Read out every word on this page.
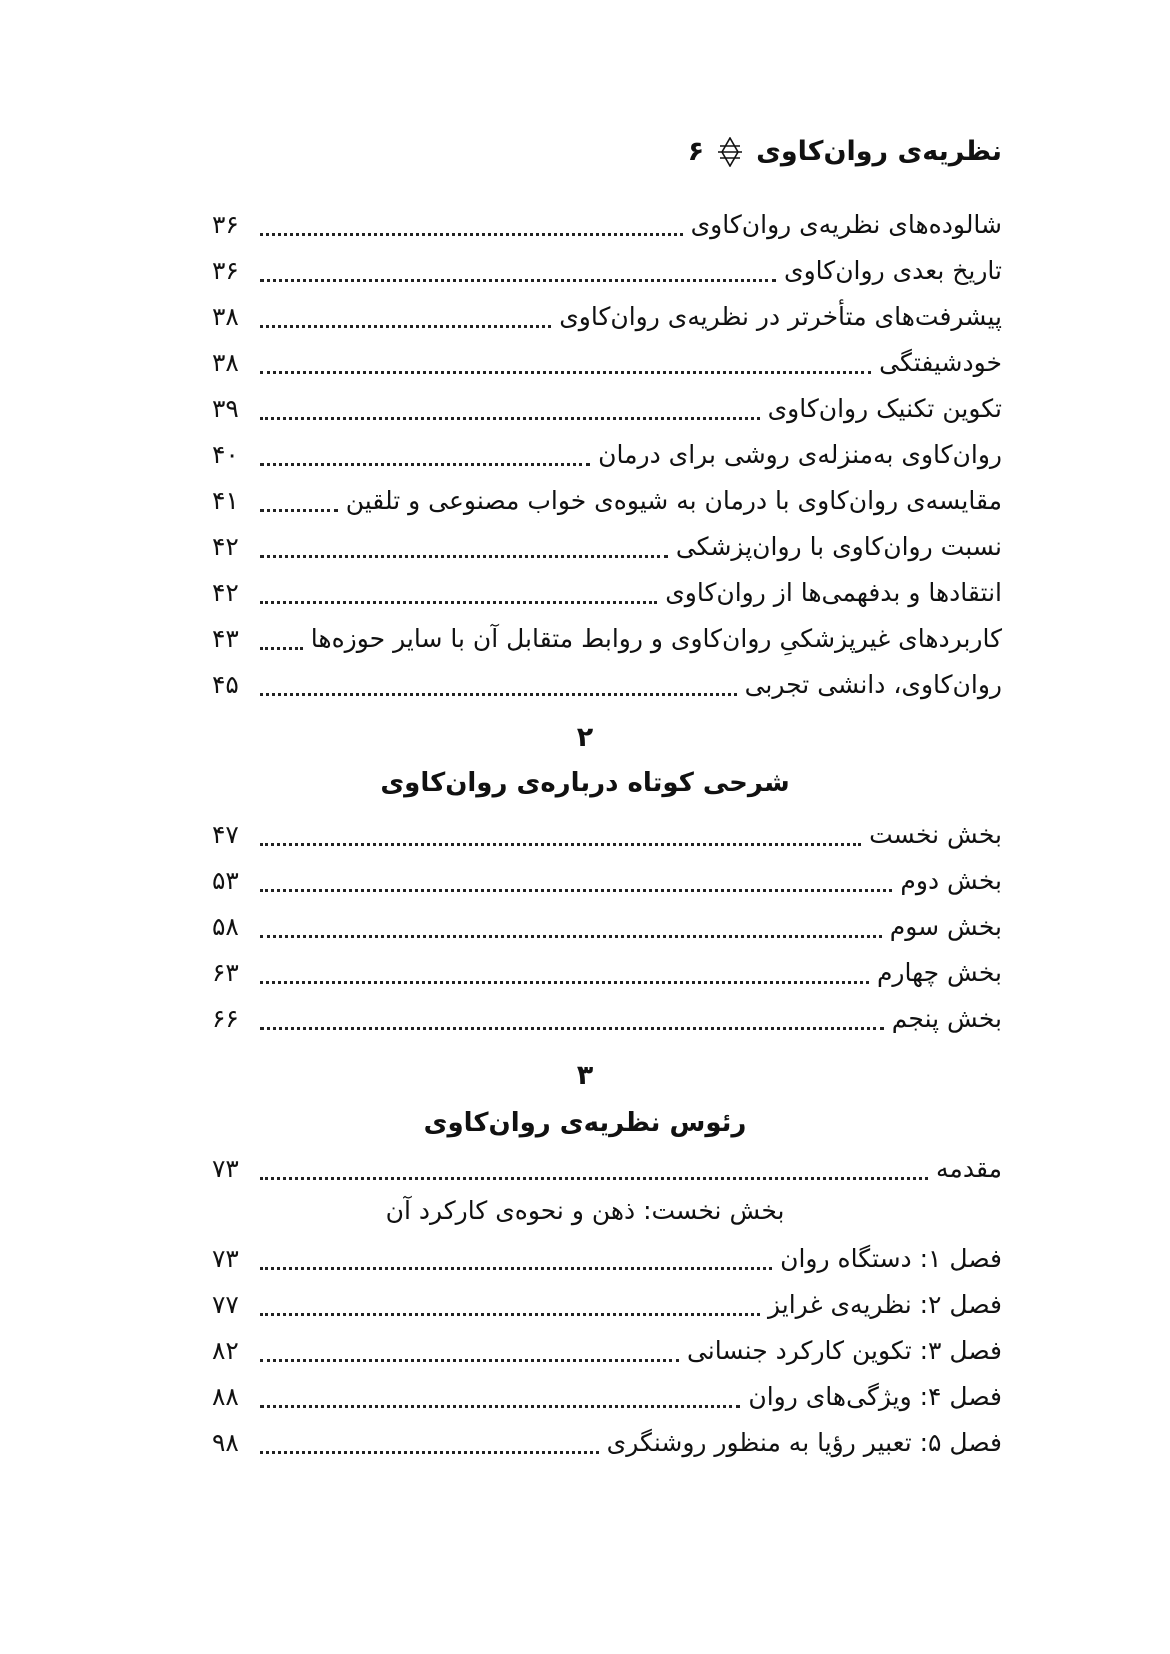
نظریه‌ی روان‌کاوی
۶
شالوده‌های نظریه‌ی روان‌کاوی
۳۶
تاریخ بعدی روان‌کاوی
۳۶
پیشرفت‌های متأخرتر در نظریه‌ی روان‌کاوی
۳۸
خودشیفتگی
۳۸
تکوین تکنیک روان‌کاوی
۳۹
روان‌کاوی به‌منزله‌ی روشی برای درمان
۴۰
مقایسه‌ی روان‌کاوی با درمان به شیوه‌ی خواب مصنوعی و تلقین
۴۱
نسبت روان‌کاوی با روان‌پزشکی
۴۲
انتقادها و بدفهمی‌ها از روان‌کاوی
۴۲
کاربردهای غیرپزشکیِ روان‌کاوی و روابط متقابل آن با سایر حوزه‌ها
۴۳
روان‌کاوی، دانشی تجربی
۴۵
۲
شرحی کوتاه درباره‌ی روان‌کاوی
بخش نخست
۴۷
بخش دوم
۵۳
بخش سوم
۵۸
بخش چهارم
۶۳
بخش پنجم
۶۶
۳
رئوس نظریه‌ی روان‌کاوی
مقدمه
۷۳
بخش نخست: ذهن و نحوه‌ی کارکرد آن
فصل ۱: دستگاه روان
۷۳
فصل ۲: نظریه‌ی غرایز
۷۷
فصل ۳: تکوین کارکرد جنسانی
۸۲
فصل ۴: ویژگی‌های روان
۸۸
فصل ۵: تعبیر رؤیا به منظور روشنگری
۹۸
